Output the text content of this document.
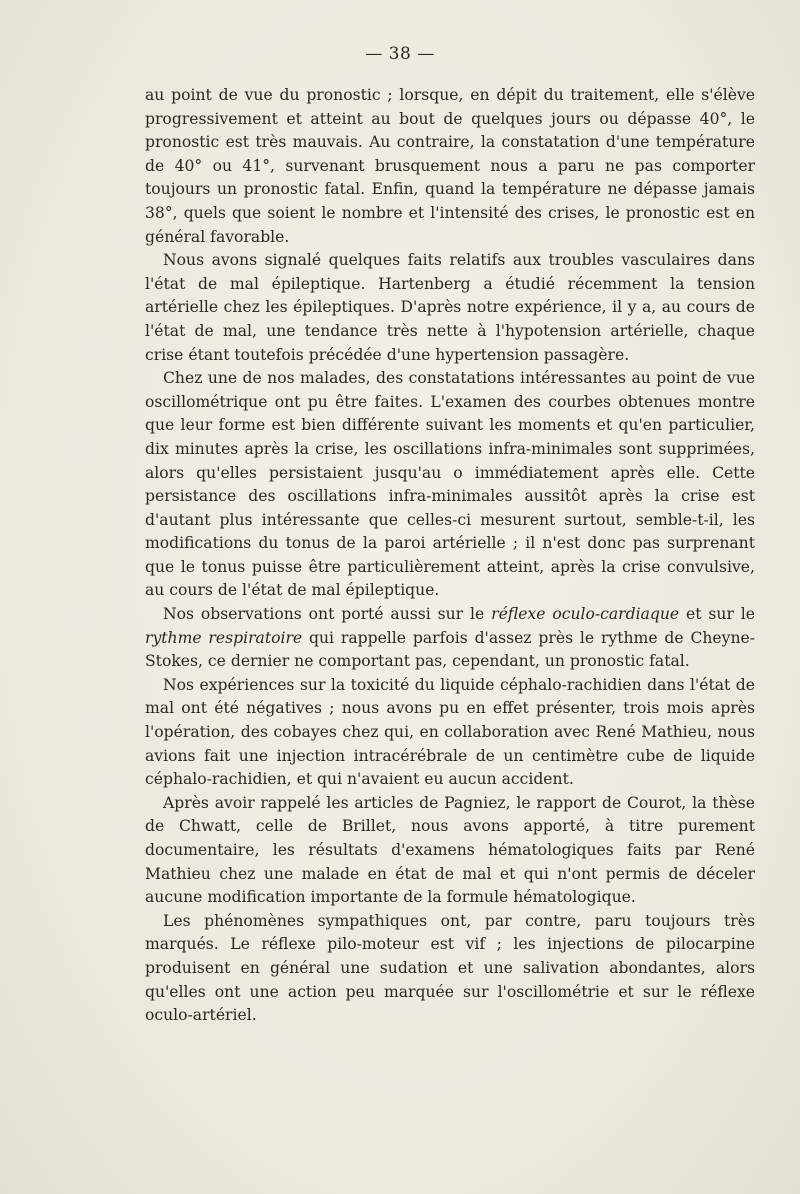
— 38 —

au point de vue du pronostic ; lorsque, en dépit du traitement, elle s'élève progressivement et atteint au bout de quelques jours ou dépasse 40°, le pronostic est très mauvais. Au contraire, la constatation d'une température de 40° ou 41°, survenant brusquement nous a paru ne pas comporter toujours un pronostic fatal. Enfin, quand la température ne dépasse jamais 38°, quels que soient le nombre et l'intensité des crises, le pronostic est en général favorable.

Nous avons signalé quelques faits relatifs aux troubles vasculaires dans l'état de mal épileptique. Hartenberg a étudié récemment la tension artérielle chez les épileptiques. D'après notre expérience, il y a, au cours de l'état de mal, une tendance très nette à l'hypotension artérielle, chaque crise étant toutefois précédée d'une hypertension passagère.

Chez une de nos malades, des constatations intéressantes au point de vue oscillométrique ont pu être faites. L'examen des courbes obtenues montre que leur forme est bien différente suivant les moments et qu'en particulier, dix minutes après la crise, les oscillations infra-minimales sont supprimées, alors qu'elles persistaient jusqu'au o immédiatement après elle. Cette persistance des oscillations infra-minimales aussitôt après la crise est d'autant plus intéressante que celles-ci mesurent surtout, semble-t-il, les modifications du tonus de la paroi artérielle ; il n'est donc pas surprenant que le tonus puisse être particulièrement atteint, après la crise convulsive, au cours de l'état de mal épileptique.

Nos observations ont porté aussi sur le réflexe oculo-cardiaque et sur le rythme respiratoire qui rappelle parfois d'assez près le rythme de Cheyne-Stokes, ce dernier ne comportant pas, cependant, un pronostic fatal.

Nos expériences sur la toxicité du liquide céphalo-rachidien dans l'état de mal ont été négatives ; nous avons pu en effet présenter, trois mois après l'opération, des cobayes chez qui, en collaboration avec René Mathieu, nous avions fait une injection intracérébrale de un centimètre cube de liquide céphalo-rachidien, et qui n'avaient eu aucun accident.

Après avoir rappelé les articles de Pagniez, le rapport de Courot, la thèse de Chwatt, celle de Brillet, nous avons apporté, à titre purement documentaire, les résultats d'examens hématologiques faits par René Mathieu chez une malade en état de mal et qui n'ont permis de déceler aucune modification importante de la formule hématologique.

Les phénomènes sympathiques ont, par contre, paru toujours très marqués. Le réflexe pilo-moteur est vif ; les injections de pilocarpine produisent en général une sudation et une salivation abondantes, alors qu'elles ont une action peu marquée sur l'oscillométrie et sur le réflexe oculo-artériel.
